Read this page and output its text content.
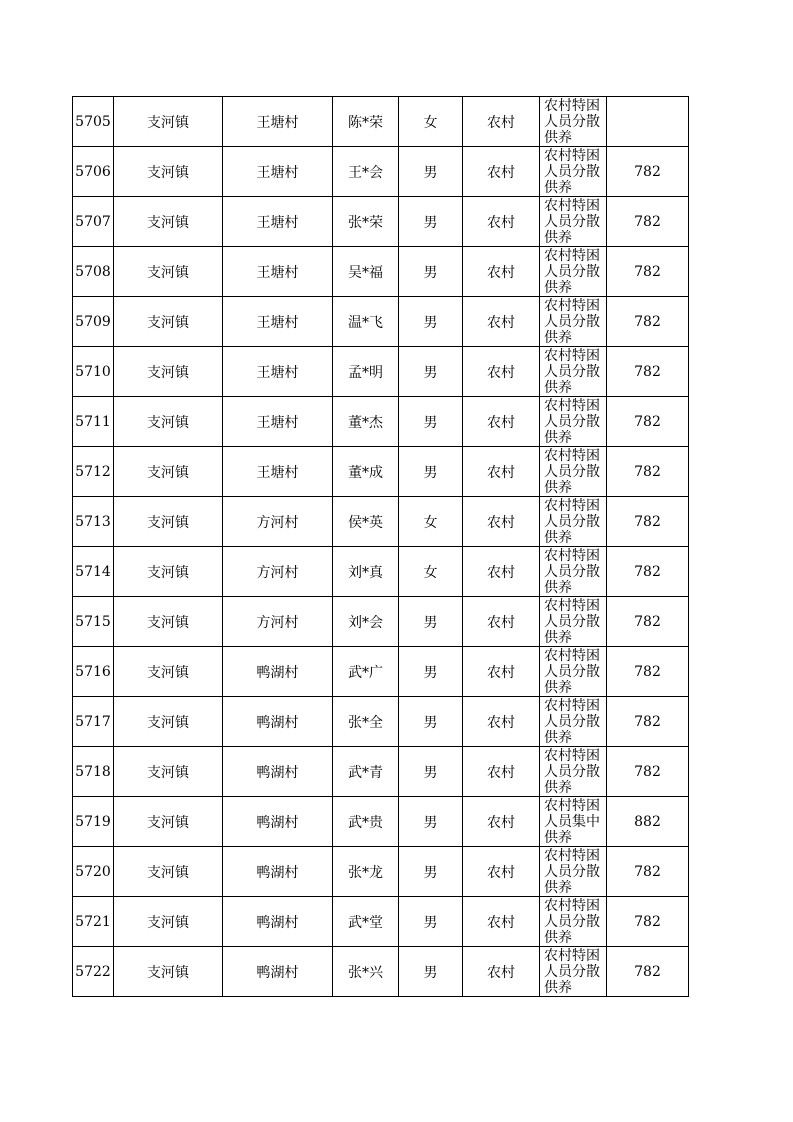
5705	支河镇	王塘村	陈*荣	女	农村	农村特困人员分散供养	

5706	支河镇	王塘村	王*会	男	农村	农村特困人员分散供养	782
5707	支河镇	王塘村	张*荣	男	农村	农村特困人员分散供养	782
5708	支河镇	王塘村	吴*福	男	农村	农村特困人员分散供养	782
5709	支河镇	王塘村	温*飞	男	农村	农村特困人员分散供养	782
5710	支河镇	王塘村	孟*明	男	农村	农村特困人员分散供养	782
5711	支河镇	王塘村	董*杰	男	农村	农村特困人员分散供养	782
5712	支河镇	王塘村	董*成	男	农村	农村特困人员分散供养	782
5713	支河镇	方河村	侯*英	女	农村	农村特困人员分散供养	782
5714	支河镇	方河村	刘*真	女	农村	农村特困人员分散供养	782
5715	支河镇	方河村	刘*会	男	农村	农村特困人员分散供养	782
5716	支河镇	鸭湖村	武*广	男	农村	农村特困人员分散供养	782
5717	支河镇	鸭湖村	张*全	男	农村	农村特困人员分散供养	782
5718	支河镇	鸭湖村	武*青	男	农村	农村特困人员分散供养	782
5719	支河镇	鸭湖村	武*贵	男	农村	农村特困人员集中供养	882
5720	支河镇	鸭湖村	张*龙	男	农村	农村特困人员分散供养	782
5721	支河镇	鸭湖村	武*堂	男	农村	农村特困人员分散供养	782
5722	支河镇	鸭湖村	张*兴	男	农村	农村特困人员分散供养	782
